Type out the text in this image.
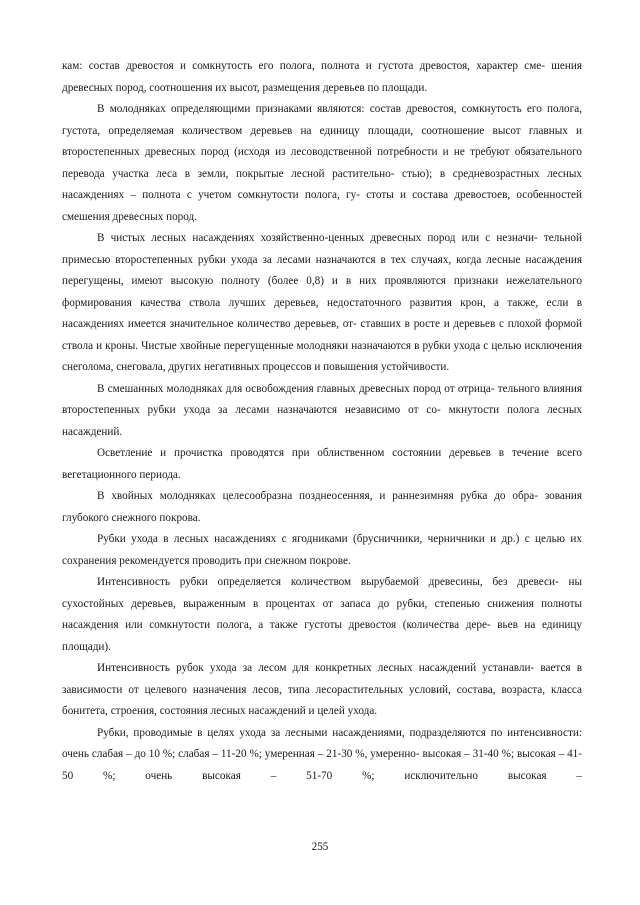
кам: состав древостоя и сомкнутость его полога, полнота и густота древостоя, характер сме- шения древесных пород, соотношения их высот, размещения деревьев по площади.

В молодняках определяющими признаками являются: состав древостоя, сомкнутость его полога, густота, определяемая количеством деревьев на единицу площади, соотношение высот главных и второстепенных древесных пород (исходя из лесоводственной потребности и не требуют обязательного перевода участка леса в земли, покрытые лесной растительно- стью); в средневозрастных лесных насаждениях – полнота с учетом сомкнутости полога, гу- стоты и состава древостоев, особенностей смешения древесных пород.

В чистых лесных насаждениях хозяйственно-ценных древесных пород или с незначи- тельной примесью второстепенных рубки ухода за лесами назначаются в тех случаях, когда лесные насаждения перегущены, имеют высокую полноту (более 0,8) и в них проявляются признаки нежелательного формирования качества ствола лучших деревьев, недостаточного развития крон, а также, если в насаждениях имеется значительное количество деревьев, от- ставших в росте и деревьев с плохой формой ствола и кроны. Чистые хвойные перегущенные молодняки назначаются в рубки ухода с целью исключения снеголома, снеговала, других негативных процессов и повышения устойчивости.

В смешанных молодняках для освобождения главных древесных пород от отрица- тельного влияния второстепенных рубки ухода за лесами назначаются независимо от со- мкнутости полога лесных насаждений.

Осветление и прочистка проводятся при облиственном состоянии деревьев в течение всего вегетационного периода.

В хвойных молодняках целесообразна позднеосенняя, и раннезимняя рубка до обра- зования глубокого снежного покрова.

Рубки ухода в лесных насаждениях с ягодниками (брусничники, черничники и др.) с целью их сохранения рекомендуется проводить при снежном покрове.

Интенсивность рубки определяется количеством вырубаемой древесины, без древеси- ны сухостойных деревьев, выраженным в процентах от запаса до рубки, степенью снижения полноты насаждения или сомкнутости полога, а также густоты древостоя (количества дере- вьев на единицу площади).

Интенсивность рубок ухода за лесом для конкретных лесных насаждений устанавли- вается в зависимости от целевого назначения лесов, типа лесорастительных условий, состава, возраста, класса бонитета, строения, состояния лесных насаждений и целей ухода.

Рубки, проводимые в целях ухода за лесными насаждениями, подразделяются по интенсивности: очень слабая – до 10 %; слабая – 11-20 %; умеренная – 21-30 %, умеренно- высокая – 31-40 %; высокая – 41-50 %; очень высокая – 51-70 %; исключительно высокая –

255
